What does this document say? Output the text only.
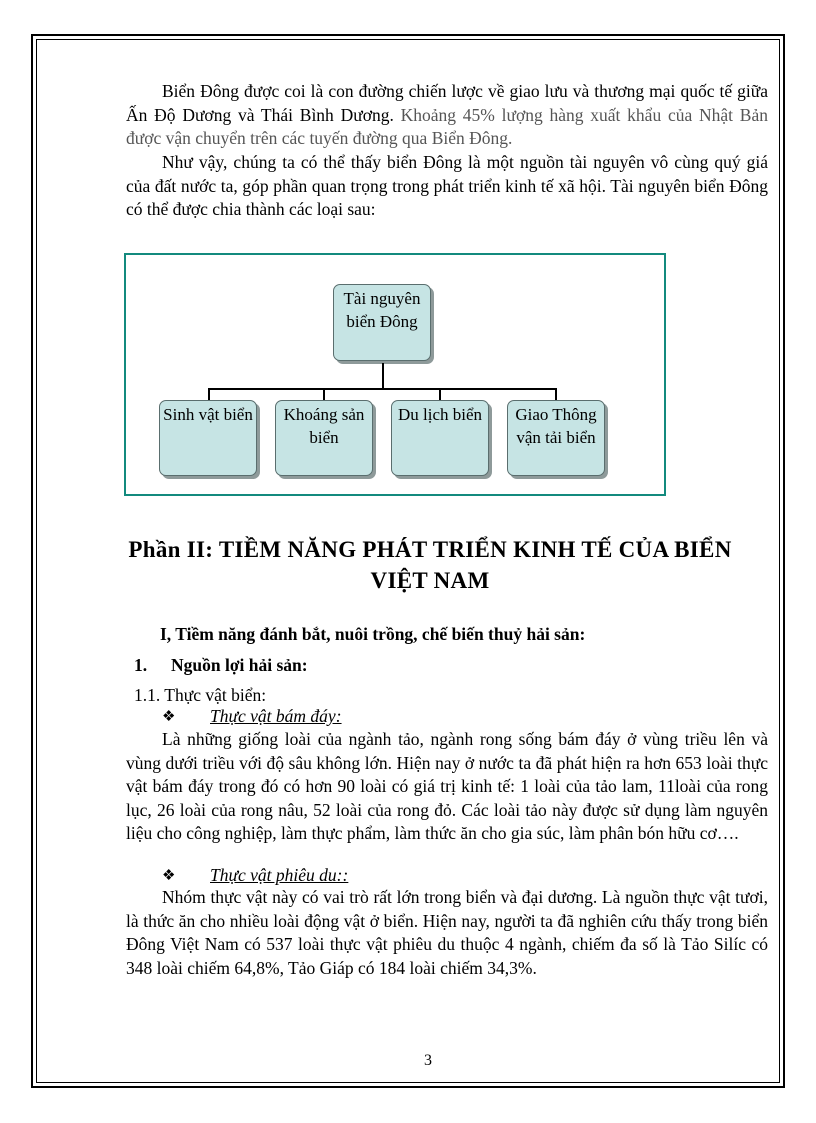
Biển Đông được coi là con đường chiến lược về giao lưu và thương mại quốc tế giữa Ấn Độ Dương và Thái Bình Dương. Khoảng 45% lượng hàng xuất khẩu của Nhật Bản được vận chuyển trên các tuyến đường qua Biển Đông.

Như vậy, chúng ta có thể thấy biển Đông là một nguồn tài nguyên vô cùng quý giá của đất nước ta, góp phần quan trọng trong phát triển kinh tế xã hội. Tài nguyên biển Đông có thể được chia thành các loại sau:

Tài nguyên biển Đông
Sinh vật biển	Khoáng sản biển
Du lịch biển	Giao Thông vận tải biển
Phần II: TIỀM NĂNG PHÁT TRIỂN KINH TẾ CỦA BIỂN VIỆT NAM

I, Tiềm năng đánh bắt, nuôi trồng, chế biến thuỷ hải sản:

1. Nguồn lợi hải sản:

1.1. Thực vật biển:

❖ Thực vật bám đáy:

Là những giống loài của ngành tảo, ngành rong sống bám đáy ở vùng triều lên và vùng dưới triều với độ sâu không lớn. Hiện nay ở nước ta đã phát hiện ra hơn 653 loài thực vật bám đáy trong đó có hơn 90 loài có giá trị kinh tế: 1 loài của tảo lam, 11loài của rong lục, 26 loài của rong nâu, 52 loài của rong đỏ. Các loài tảo này được sử dụng làm nguyên liệu cho công nghiệp, làm thực phẩm, làm thức ăn cho gia súc, làm phân bón hữu cơ….

❖ Thực vật phiêu du::

Nhóm thực vật này có vai trò rất lớn trong biển và đại dương. Là nguồn thực vật tươi, là thức ăn cho nhiều loài động vật ở biển. Hiện nay, người ta đã nghiên cứu thấy trong biển Đông Việt Nam có 537 loài thực vật phiêu du thuộc 4 ngành, chiếm đa số là Tảo Silíc có 348 loài chiếm 64,8%, Tảo Giáp có 184 loài chiếm 34,3%.

3
